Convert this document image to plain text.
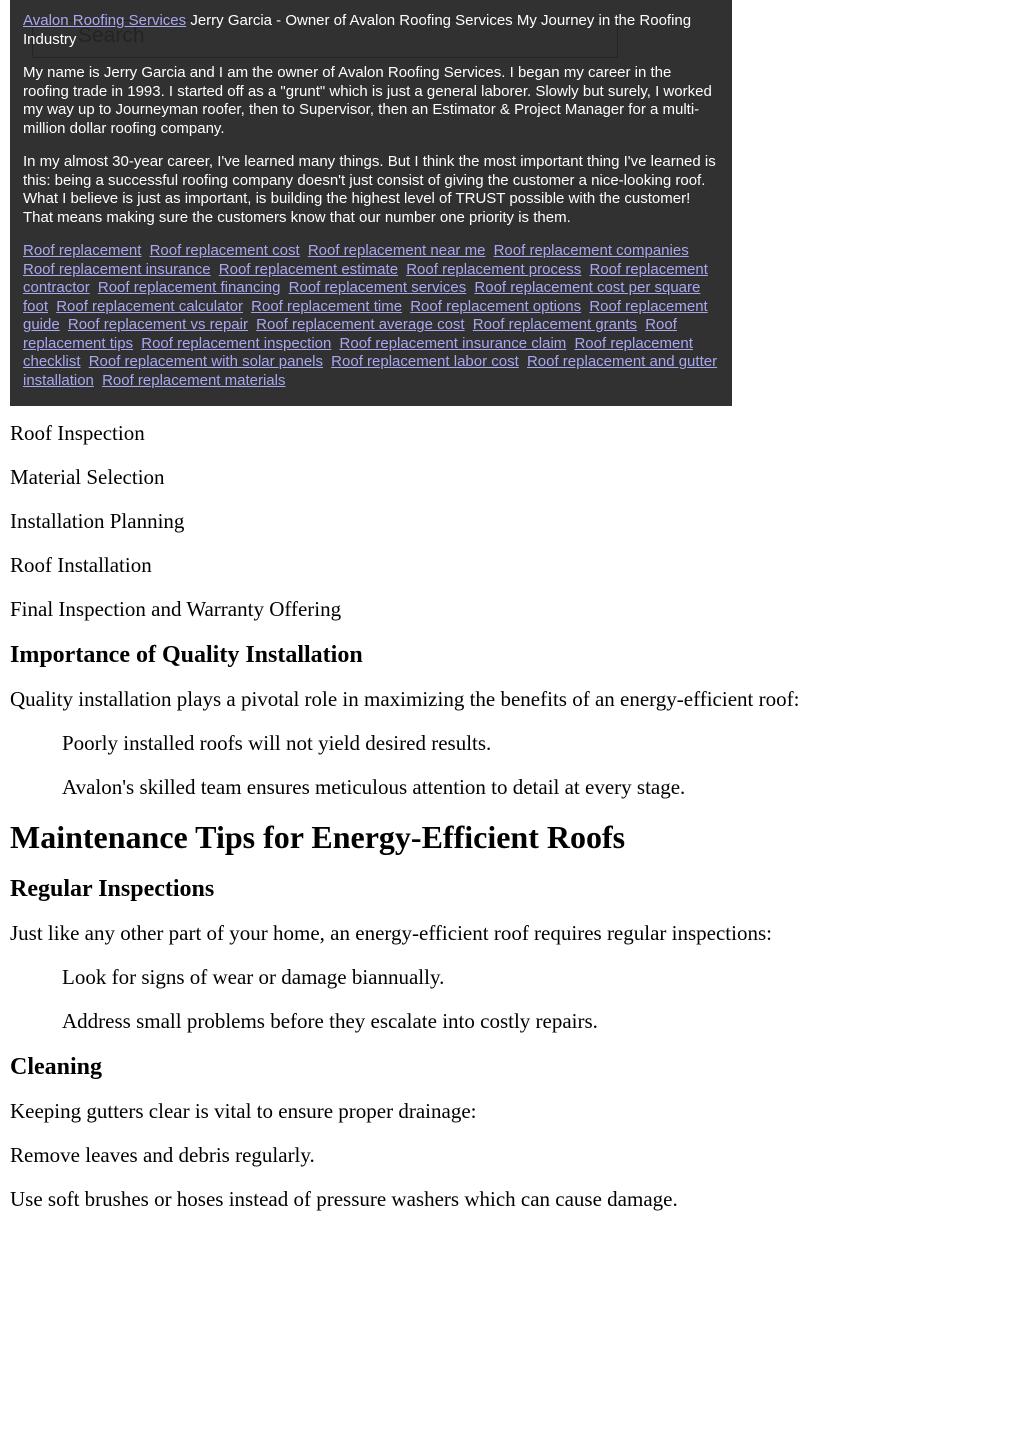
Avalon Roofing Services Jerry Garcia - Owner of Avalon Roofing Services My Journey in the Roofing Industry

My name is Jerry Garcia and I am the owner of Avalon Roofing Services. I began my career in the roofing trade in 1993. I started off as a "grunt" which is just a general laborer. Slowly but surely, I worked my way up to Journeyman roofer, then to Supervisor, then an Estimator & Project Manager for a multi-million dollar roofing company.

In my almost 30-year career, I've learned many things. But I think the most important thing I've learned is this: being a successful roofing company doesn't just consist of giving the customer a nice-looking roof. What I believe is just as important, is building the highest level of TRUST possible with the customer! That means making sure the customers know that our number one priority is them.

Roof replacement Roof replacement cost Roof replacement near me Roof replacement companies Roof replacement insurance Roof replacement estimate Roof replacement process Roof replacement contractor Roof replacement financing Roof replacement services Roof replacement cost per square foot Roof replacement calculator Roof replacement time Roof replacement options Roof replacement guide Roof replacement vs repair Roof replacement average cost Roof replacement grants Roof replacement tips Roof replacement inspection Roof replacement insurance claim Roof replacement checklist Roof replacement with solar panels Roof replacement labor cost Roof replacement and gutter installation Roof replacement materials

Roof Inspection

Material Selection

Installation Planning

Roof Installation

Final Inspection and Warranty Offering

Importance of Quality Installation

Quality installation plays a pivotal role in maximizing the benefits of an energy-efficient roof:

Poorly installed roofs will not yield desired results.

Avalon's skilled team ensures meticulous attention to detail at every stage.

Maintenance Tips for Energy-Efficient Roofs
Regular Inspections

Just like any other part of your home, an energy-efficient roof requires regular inspections:

Look for signs of wear or damage biannually.

Address small problems before they escalate into costly repairs.

Cleaning

Keeping gutters clear is vital to ensure proper drainage:

Remove leaves and debris regularly.

Use soft brushes or hoses instead of pressure washers which can cause damage.
